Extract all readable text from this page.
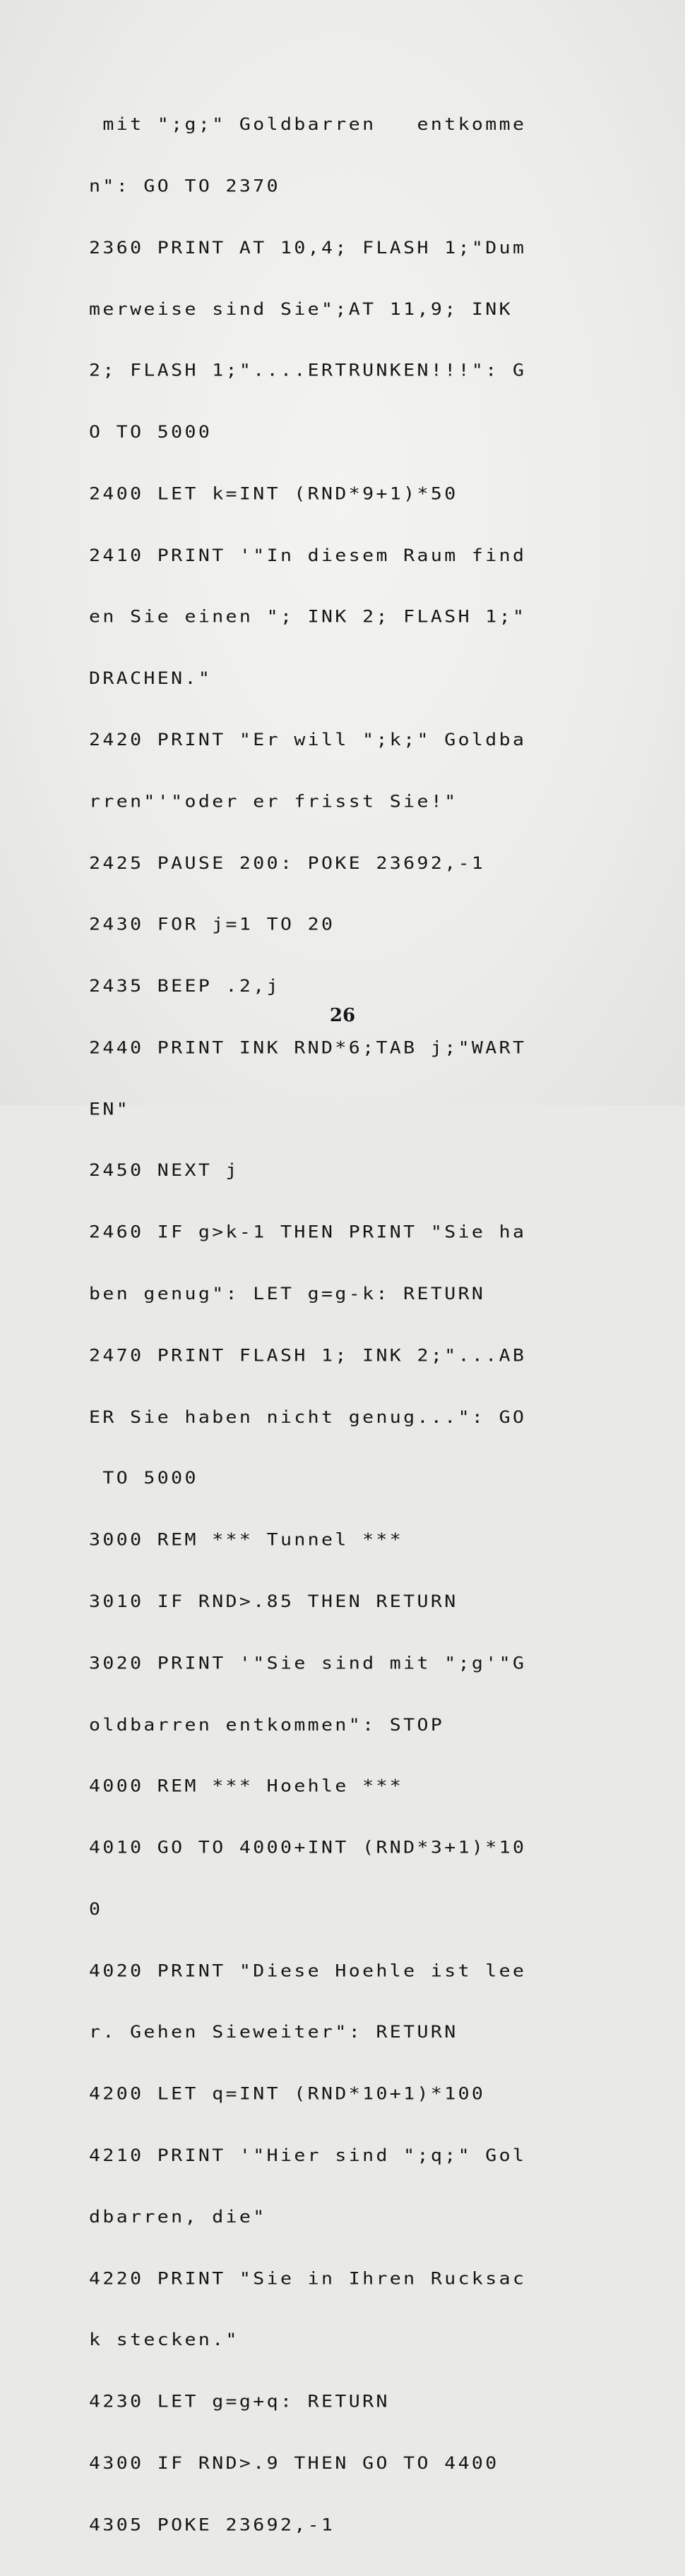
mit ";g;" Goldbarren   entkomme

n": GO TO 2370

2360 PRINT AT 10,4; FLASH 1;"Dum

merweise sind Sie";AT 11,9; INK

2; FLASH 1;"....ERTRUNKEN!!!": G

O TO 5000

2400 LET k=INT (RND*9+1)*50

2410 PRINT '"In diesem Raum find

en Sie einen "; INK 2; FLASH 1;"

DRACHEN."

2420 PRINT "Er will ";k;" Goldba

rren"'"oder er frisst Sie!"

2425 PAUSE 200: POKE 23692,-1

2430 FOR j=1 TO 20

2435 BEEP .2,j

2440 PRINT INK RND*6;TAB j;"WART

EN"

2450 NEXT j

2460 IF g>k-1 THEN PRINT "Sie ha

ben genug": LET g=g-k: RETURN

2470 PRINT FLASH 1; INK 2;"...AB

ER Sie haben nicht genug...": GO

TO 5000

3000 REM *** Tunnel ***

3010 IF RND>.85 THEN RETURN

3020 PRINT '"Sie sind mit ";g'"G

oldbarren entkommen": STOP

4000 REM *** Hoehle ***

4010 GO TO 4000+INT (RND*3+1)*10

0

4020 PRINT "Diese Hoehle ist lee

r. Gehen Sieweiter": RETURN

4200 LET q=INT (RND*10+1)*100

4210 PRINT '"Hier sind ";q;" Gol

dbarren, die"

4220 PRINT "Sie in Ihren Rucksac

k stecken."

4230 LET g=g+q: RETURN

4300 IF RND>.9 THEN GO TO 4400

4305 POKE 23692,-1

26
